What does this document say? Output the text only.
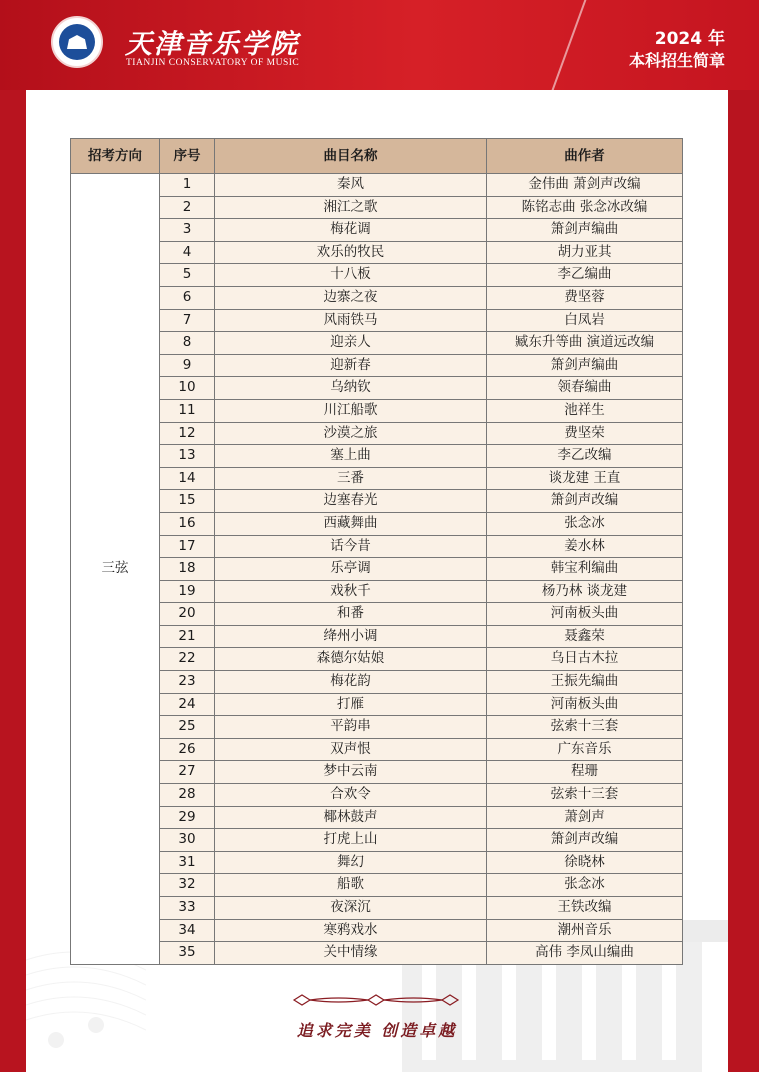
天津音乐学院
TIANJIN CONSERVATORY OF MUSIC
2024 年
本科招生简章
招考方向	序号	曲目名称	曲作者
三弦	1	秦风	金伟曲 萧剑声改编
	2	湘江之歌	陈铭志曲 张念冰改编
	3	梅花调	箫剑声编曲
	4	欢乐的牧民	胡力亚其
	5	十八板	李乙编曲
	6	边寨之夜	费坚蓉
	7	风雨铁马	白凤岩
	8	迎亲人	臧东升等曲 演道远改编
	9	迎新春	箫剑声编曲
	10	乌纳钦	领春编曲
	11	川江船歌	池祥生
	12	沙漠之旅	费坚荣
	13	塞上曲	李乙改编
	14	三番	谈龙建 王直
	15	边塞春光	箫剑声改编
	16	西藏舞曲	张念冰
	17	话今昔	姜水林
	18	乐亭调	韩宝利编曲
	19	戏秋千	杨乃林 谈龙建
	20	和番	河南板头曲
	21	绛州小调	聂鑫荣
	22	森德尔姑娘	乌日古木拉
	23	梅花韵	王振先编曲
	24	打雁	河南板头曲
	25	平韵串	弦索十三套
	26	双声恨	广东音乐
	27	梦中云南	程珊
	28	合欢令	弦索十三套
	29	椰林鼓声	萧剑声
	30	打虎上山	箫剑声改编
	31	舞幻	徐晓林
	32	船歌	张念冰
	33	夜深沉	王铁改编
	34	寒鸦戏水	潮州音乐
	35	关中情缘	高伟 李凤山编曲
追求完美 创造卓越
